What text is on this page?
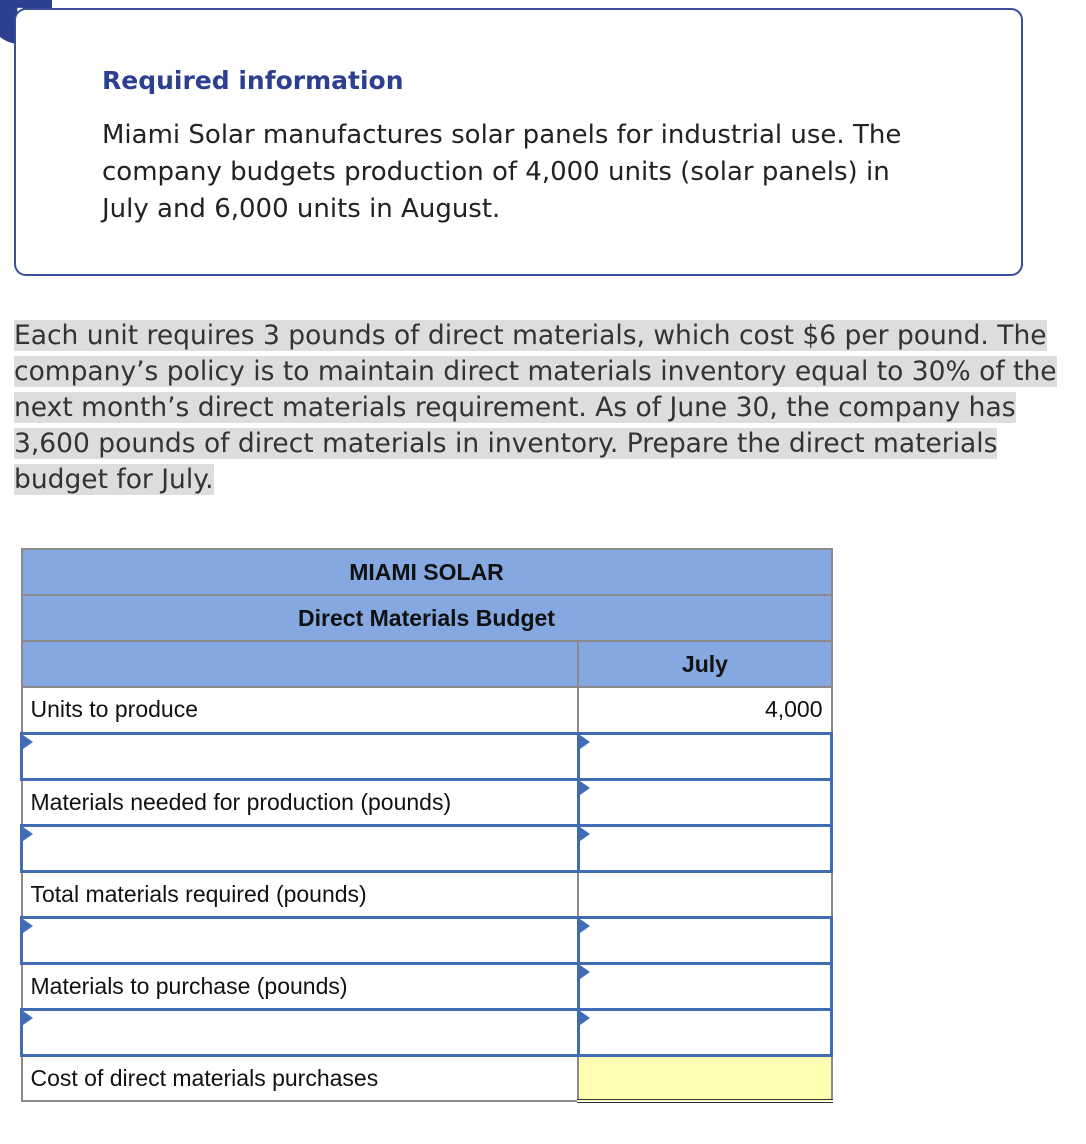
Required information
Miami Solar manufactures solar panels for industrial use. The company budgets production of 4,000 units (solar panels) in July and 6,000 units in August.
Each unit requires 3 pounds of direct materials, which cost $6 per pound. The company’s policy is to maintain direct materials inventory equal to 30% of the next month’s direct materials requirement. As of June 30, the company has 3,600 pounds of direct materials in inventory. Prepare the direct materials budget for July.
MIAMI SOLAR	
Direct Materials Budget	
	July
Units to produce	4,000

Materials needed for production (pounds)	

Total materials required (pounds)	

Materials to purchase (pounds)	

Cost of direct materials purchases	
